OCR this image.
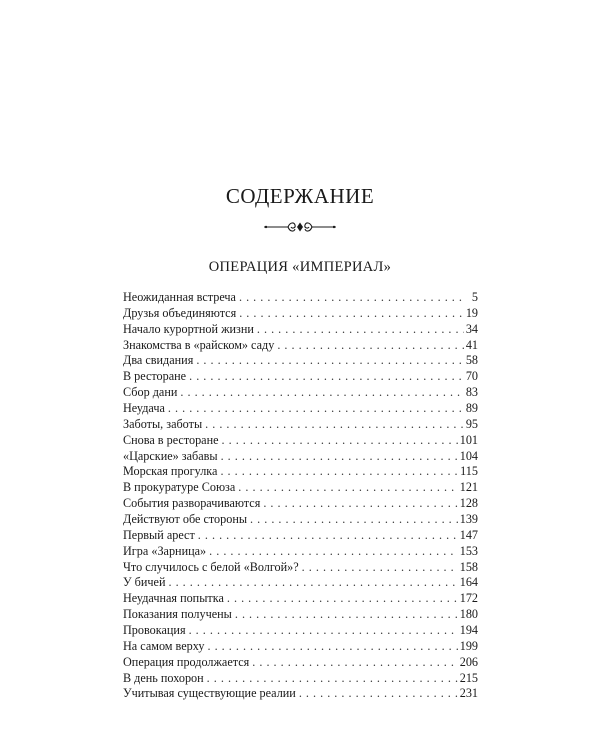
СОДЕРЖАНИЕ
ОПЕРАЦИЯ «ИМПЕРИАЛ»
Неожиданная встреча . . .	5
Друзья объединяются . . .	19
Начало курортной жизни . . .	34
Знакомства в «райском» саду . . .	41
Два свидания . . .	58
В ресторане . . .	70
Сбор дани . . .	83
Неудача . . .	89
Заботы, заботы . . .	95
Снова в ресторане . . .	101
«Царские» забавы . . .	104
Морская прогулка . . .	115
В прокуратуре Союза . . .	121
События разворачиваются . . .	128
Действуют обе стороны . . .	139
Первый арест . . .	147
Игра «Зарница» . . .	153
Что случилось с белой «Волгой»? . . .	158
У бичей . . .	164
Неудачная попытка . . .	172
Показания получены . . .	180
Провокация . . .	194
На самом верху . . .	199
Операция продолжается . . .	206
В день похорон . . .	215
Учитывая существующие реалии . . .	231
